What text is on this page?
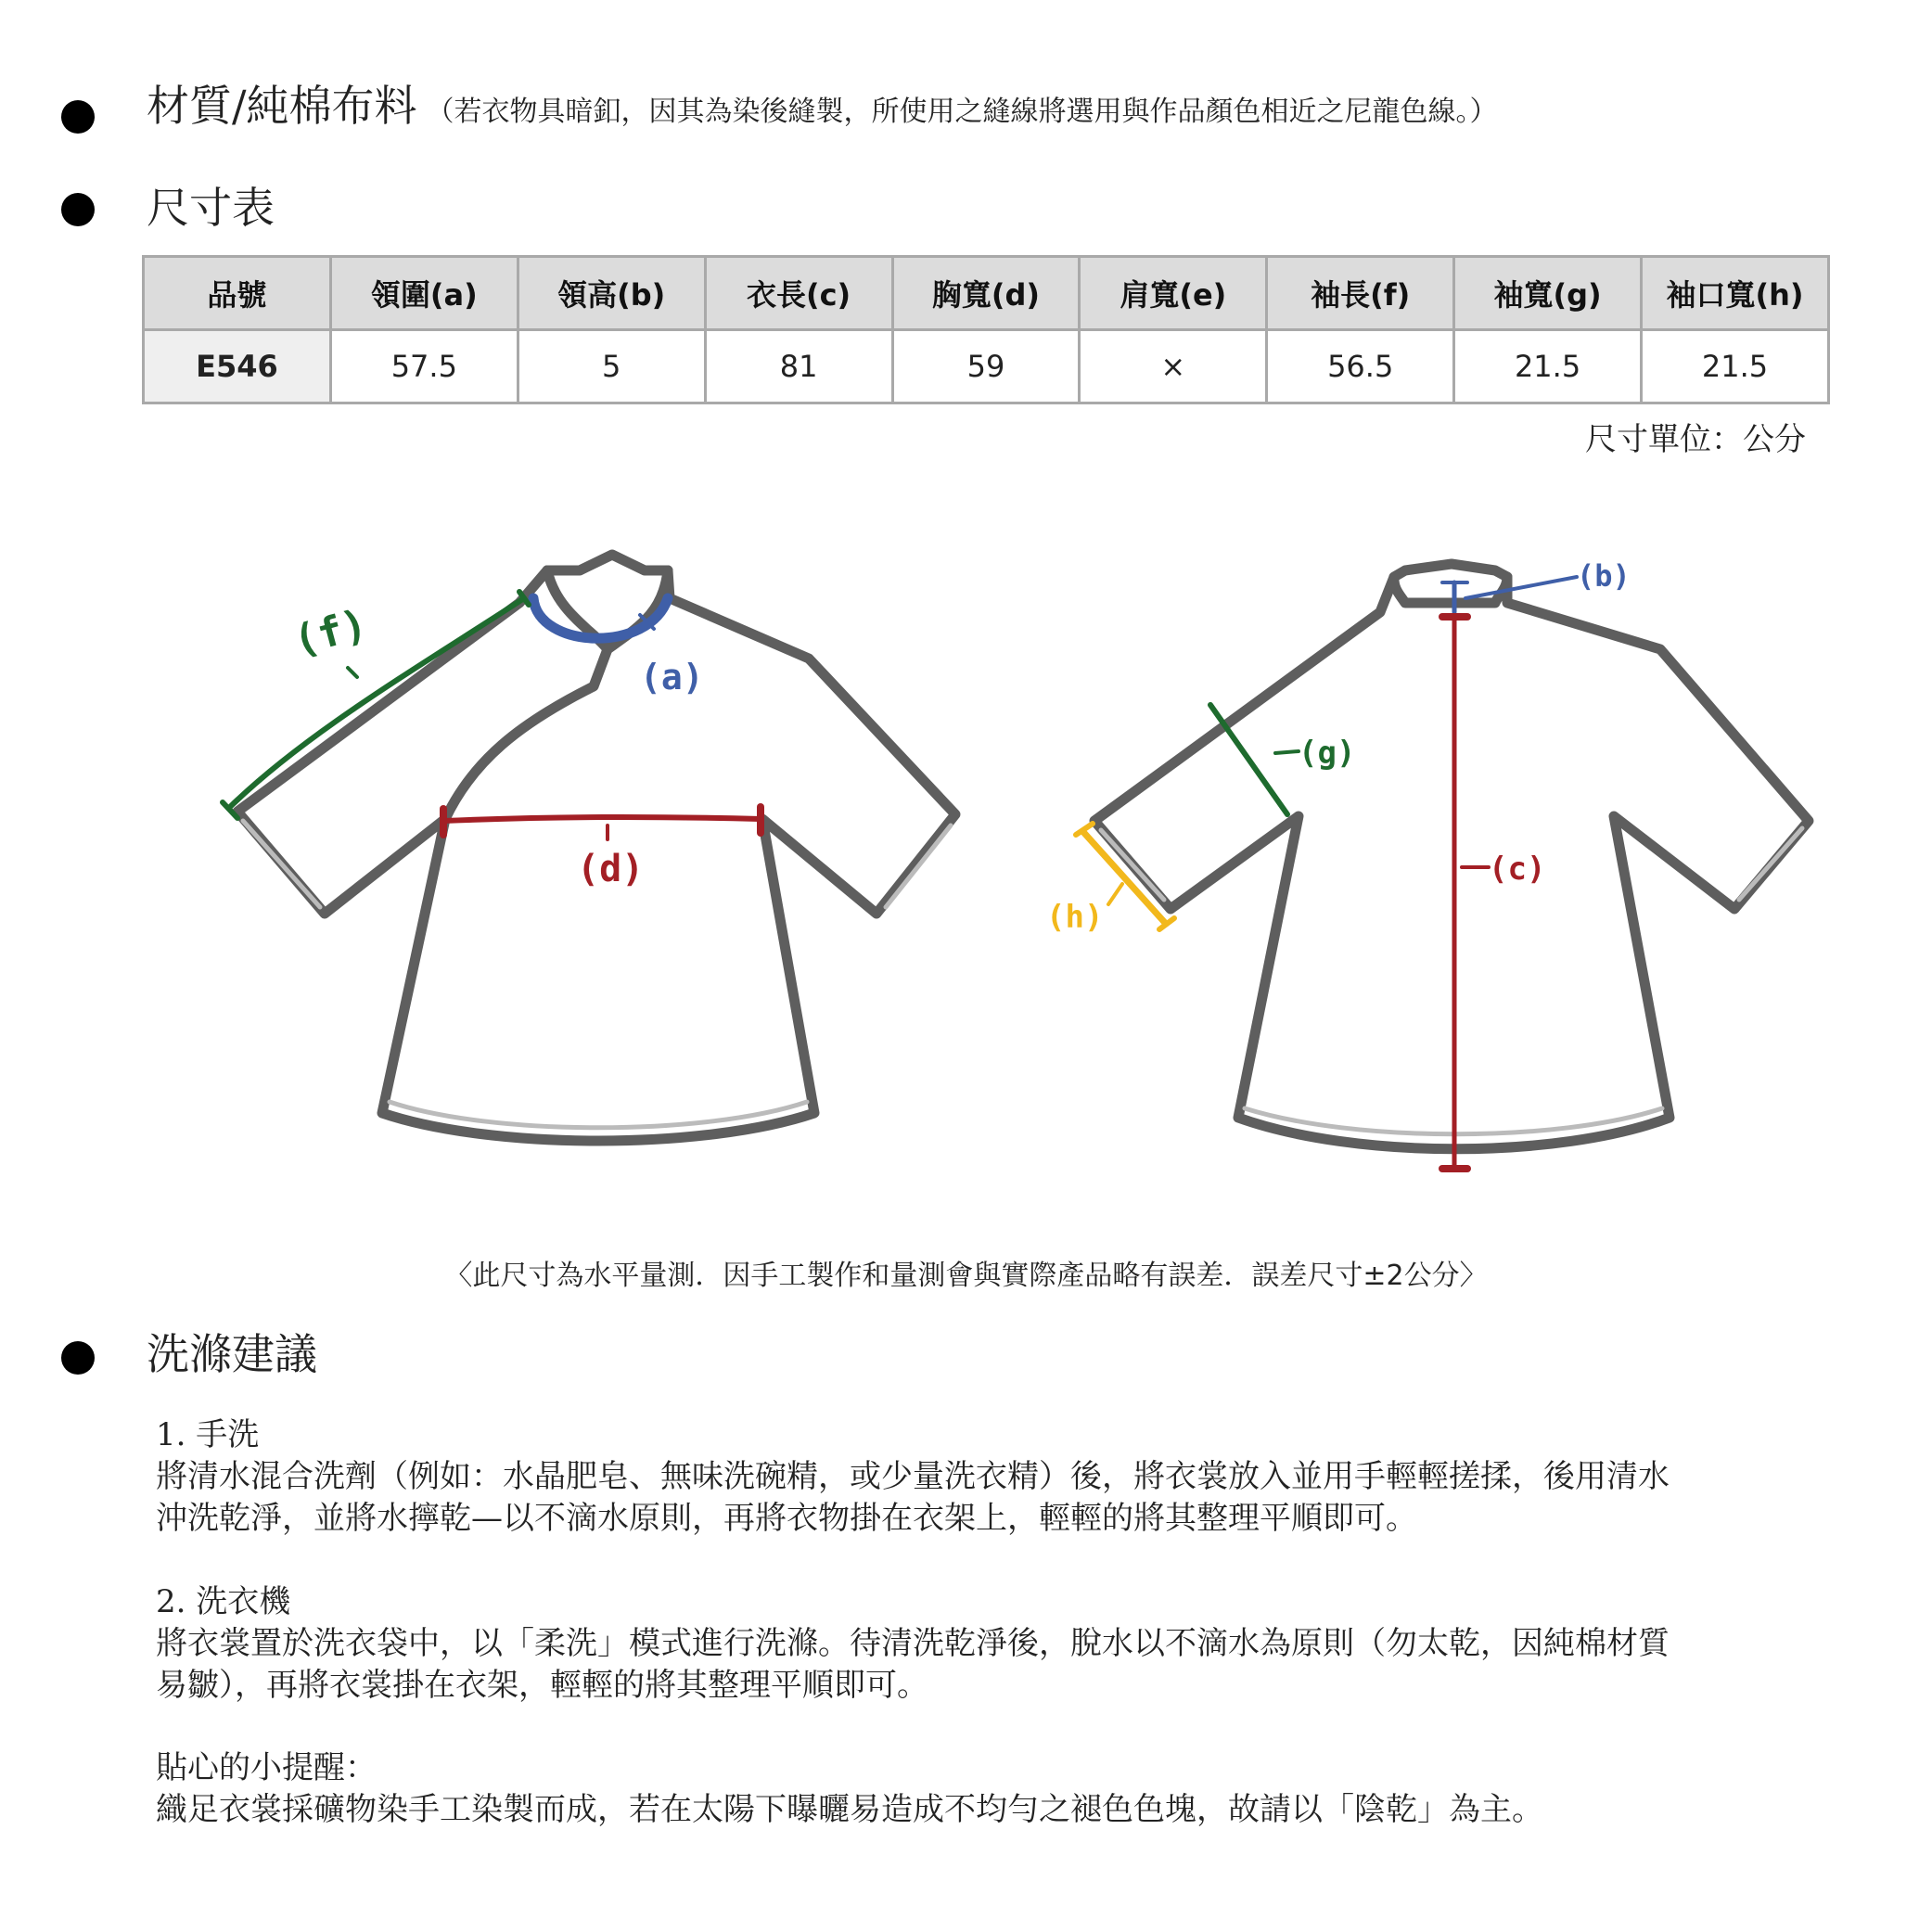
材質/純棉布料 （若衣物具暗釦，因其為染後縫製，所使用之縫線將選用與作品顏色相近之尼龍色線。）
尺寸表
品號	領圍(a)	領高(b)	衣長(c)	胸寬(d)	肩寬(e)	袖長(f)	袖寬(g)	袖口寬(h)
E546	57.5	5	81	59	×	56.5	21.5	21.5
尺寸單位：公分
(f)
(a)
(d)
(b)
(c)
(g)
(h)
〈此尺寸為水平量測．因手工製作和量測會與實際產品略有誤差．誤差尺寸±2公分〉
洗滌建議

1. 手洗

將清水混合洗劑（例如：水晶肥皂、無味洗碗精，或少量洗衣精）後，將衣裳放入並用手輕輕搓揉，後用清水

沖洗乾淨，並將水擰乾—以不滴水原則，再將衣物掛在衣架上，輕輕的將其整理平順即可。

2. 洗衣機

將衣裳置於洗衣袋中，以「柔洗」模式進行洗滌。待清洗乾淨後，脫水以不滴水為原則（勿太乾，因純棉材質

易皺），再將衣裳掛在衣架，輕輕的將其整理平順即可。

貼心的小提醒：

織足衣裳採礦物染手工染製而成，若在太陽下曝曬易造成不均勻之褪色色塊，故請以「陰乾」為主。
